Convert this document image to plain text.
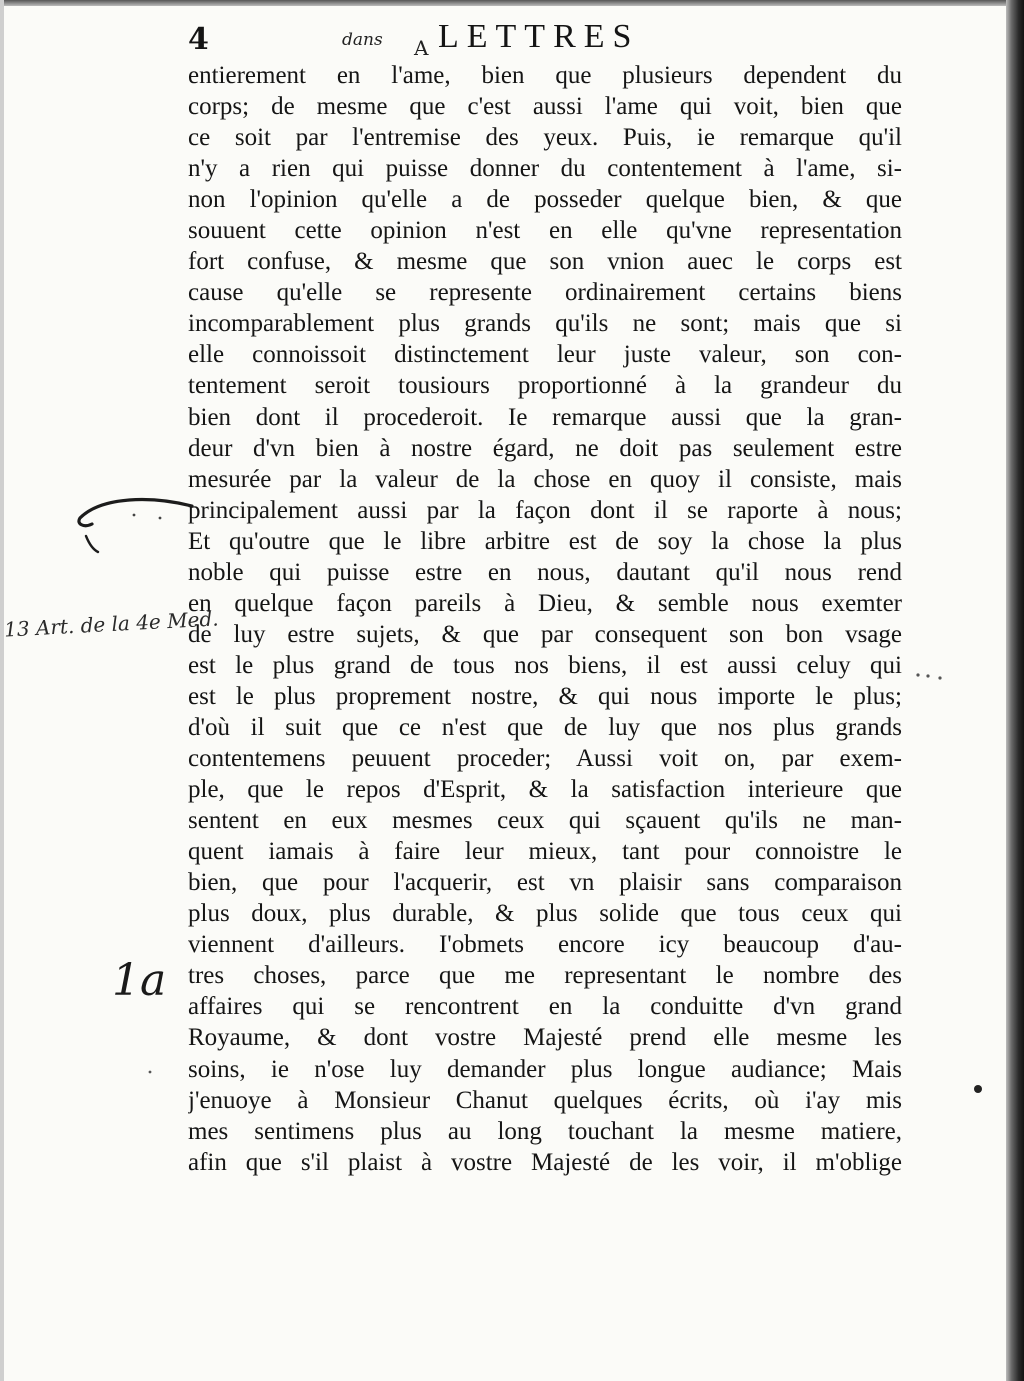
4	LETTRES
dans A
entierement en l'ame, bien que plusieurs dependent du
corps; de mesme que c'est aussi l'ame qui voit, bien que
ce soit par l'entremise des yeux. Puis, ie remarque qu'il
n'y a rien qui puisse donner du contentement à l'ame, si-
non l'opinion qu'elle a de posseder quelque bien, & que
souuent cette opinion n'est en elle qu'vne representation
fort confuse, & mesme que son vnion auec le corps est
cause qu'elle se represente ordinairement certains biens
incomparablement plus grands qu'ils ne sont; mais que si
elle connoissoit distinctement leur juste valeur, son con-
tentement seroit tousiours proportionné à la grandeur du
bien dont il procederoit. Ie remarque aussi que la gran-
deur d'vn bien à nostre égard, ne doit pas seulement estre
mesurée par la valeur de la chose en quoy il consiste, mais
principalement aussi par la façon dont il se raporte à nous;
Et qu'outre que le libre arbitre est de soy la chose la plus
noble qui puisse estre en nous, dautant qu'il nous rend
en quelque façon pareils à Dieu, & semble nous exemter
de luy estre sujets, & que par consequent son bon vsage
est le plus grand de tous nos biens, il est aussi celuy qui
est le plus proprement nostre, & qui nous importe le plus;
d'où il suit que ce n'est que de luy que nos plus grands
contentemens peuuent proceder; Aussi voit on, par exem-
ple, que le repos d'Esprit, & la satisfaction interieure que
sentent en eux mesmes ceux qui sçauent qu'ils ne man-
quent iamais à faire leur mieux, tant pour connoistre le
bien, que pour l'acquerir, est vn plaisir sans comparaison
plus doux, plus durable, & plus solide que tous ceux qui
viennent d'ailleurs. I'obmets encore icy beaucoup d'au-
tres choses, parce que me representant le nombre des
affaires qui se rencontrent en la conduitte d'vn grand
Royaume, & dont vostre Majesté prend elle mesme les
soins, ie n'ose luy demander plus longue audiance; Mais
j'enuoye à Monsieur Chanut quelques écrits, où i'ay mis
mes sentimens plus au long touchant la mesme matiere,
afin que s'il plaist à vostre Majesté de les voir, il m'oblige
13 Art. de la 4e Med.
1a
